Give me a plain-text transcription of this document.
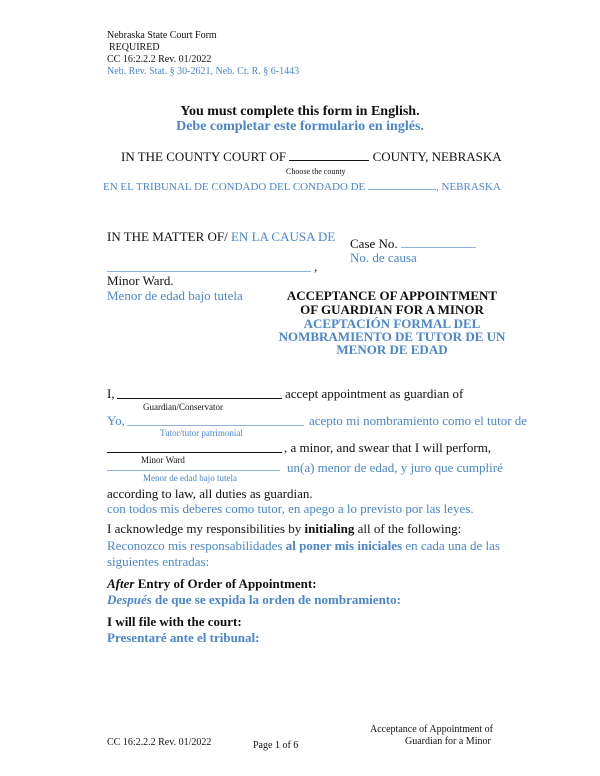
Nebraska State Court Form
REQUIRED
CC 16:2.2.2 Rev. 01/2022
Neb. Rev. Stat. § 30-2621, Neb. Ct. R. § 6-1443
You must complete this form in English.
Debe completar este formulario en inglés.
IN THE COUNTY COURT OF	COUNTY, NEBRASKA
Choose the county
EN EL TRIBUNAL DE CONDADO DEL CONDADO DE	, NEBRASKA
IN THE MATTER OF/ EN LA CAUSA DE Case No.
No. de causa
,
Minor Ward.
Menor de edad bajo tutela	ACCEPTANCE OF APPOINTMENT
OF GUARDIAN FOR A MINOR
ACEPTACIÓN FORMAL DEL
NOMBRAMIENTO DE TUTOR DE UN
MENOR DE EDAD
I,	accept appointment as guardian of
Guardian/Conservator
Yo,	acepto mi nombramiento como el tutor de
Tutor/tutor patrimonial
, a minor, and swear that I will perform,
Minor Ward	un(a) menor de edad, y juro que cumpliré
Menor de edad bajo tutela
according to law, all duties as guardian.
con todos mis deberes como tutor, en apego a lo previsto por las leyes.
I acknowledge my responsibilities by initialing all of the following:
Reconozco mis responsabilidades al poner mis iniciales en cada una de las
siguientes entradas:
After Entry of Order of Appointment:
Después de que se expida la orden de nombramiento:
I will file with the court:
Presentaré ante el tribunal:
CC 16:2.2.2 Rev. 01/2022	Page 1 of 6
Acceptance of Appointment of
Guardian for a Minor
